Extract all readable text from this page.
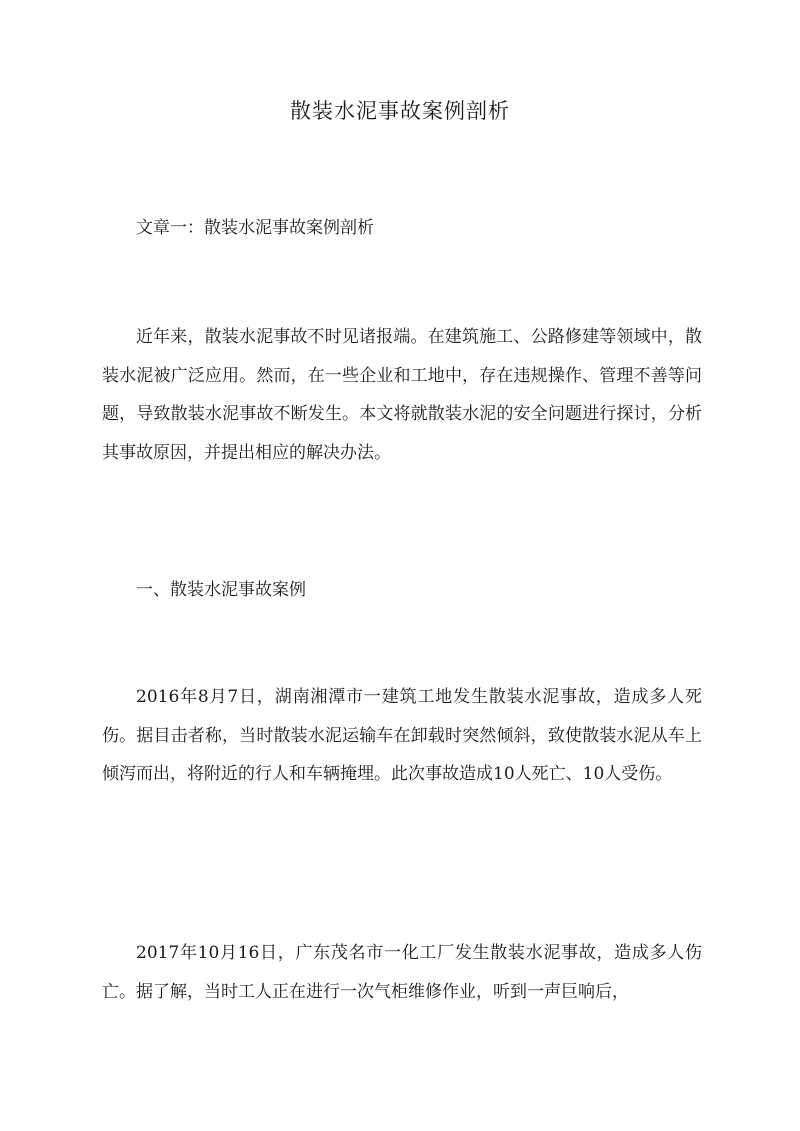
散装水泥事故案例剖析
文章一：散装水泥事故案例剖析

近年来，散装水泥事故不时见诸报端。在建筑施工、公路修建等领域中，散装水泥被广泛应用。然而，在一些企业和工地中，存在违规操作、管理不善等问题，导致散装水泥事故不断发生。本文将就散装水泥的安全问题进行探讨，分析其事故原因，并提出相应的解决办法。

一、散装水泥事故案例

2016年8月7日，湖南湘潭市一建筑工地发生散装水泥事故，造成多人死伤。据目击者称，当时散装水泥运输车在卸载时突然倾斜，致使散装水泥从车上倾泻而出，将附近的行人和车辆掩埋。此次事故造成10人死亡、10人受伤。

2017年10月16日，广东茂名市一化工厂发生散装水泥事故，造成多人伤亡。据了解，当时工人正在进行一次气柜维修作业，听到一声巨响后，
